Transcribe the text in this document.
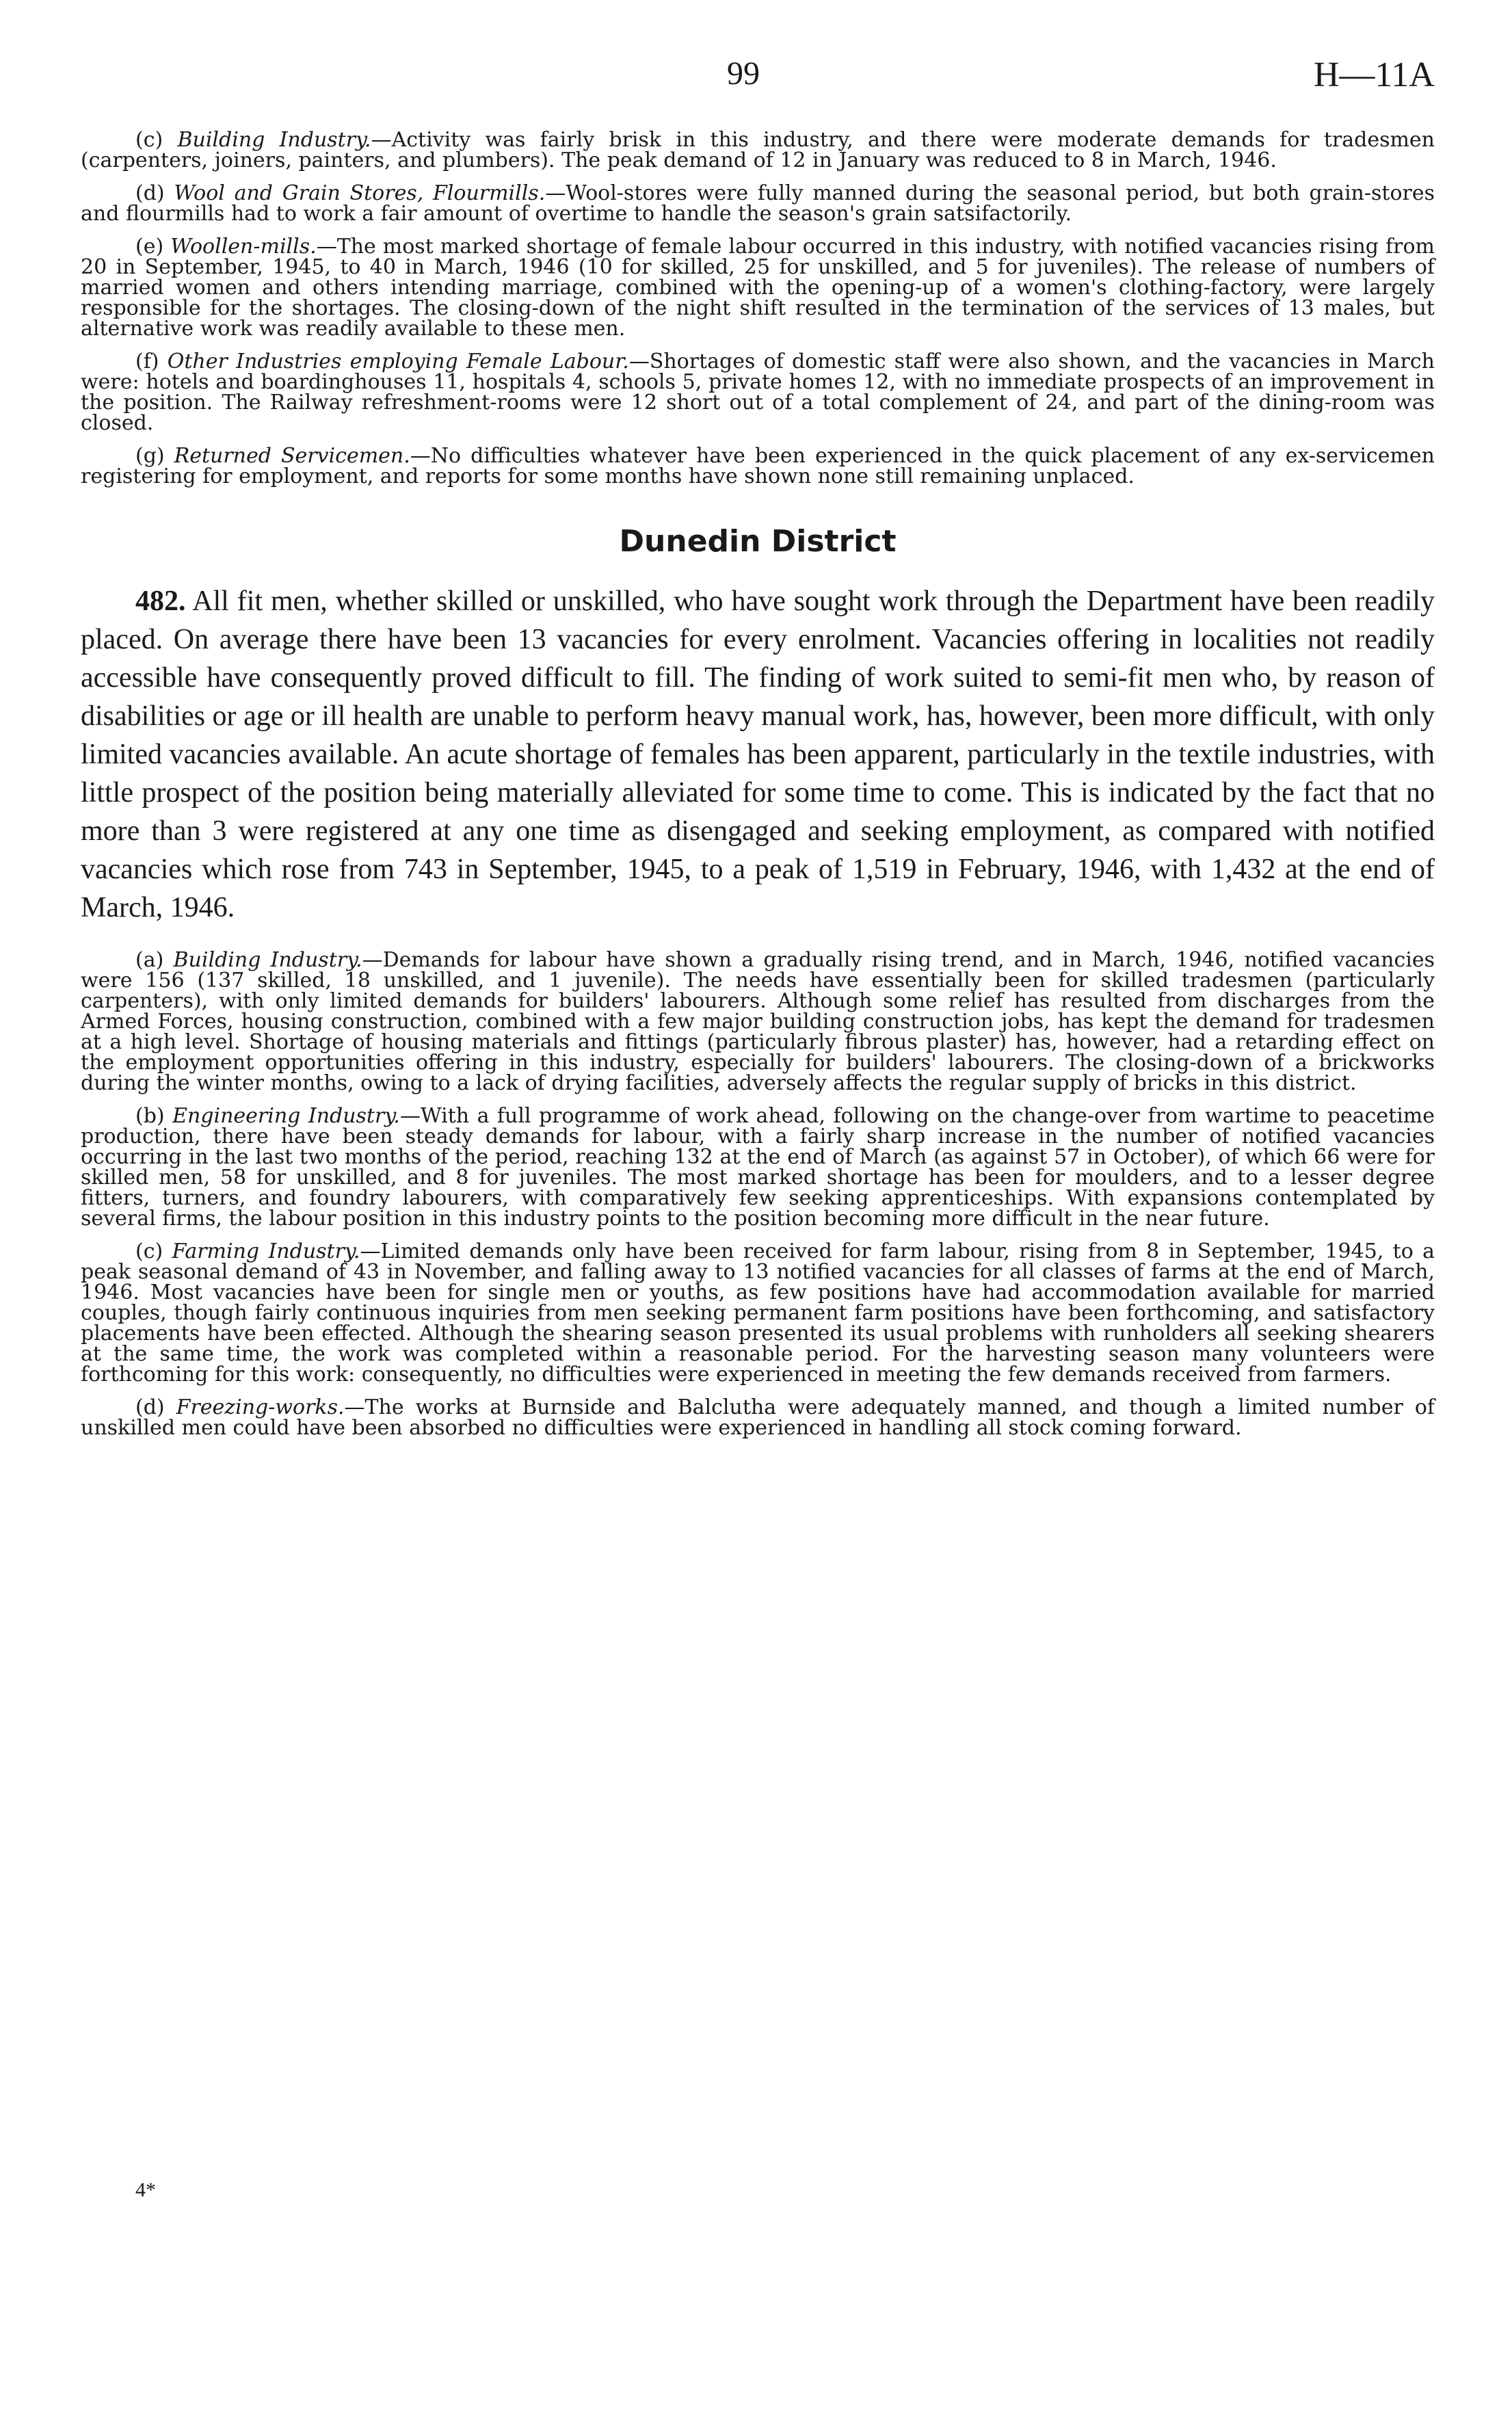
99	H—11A

(c) Building Industry.—Activity was fairly brisk in this industry, and there were moderate demands for tradesmen (carpenters, joiners, painters, and plumbers). The peak demand of 12 in January was reduced to 8 in March, 1946.

(d) Wool and Grain Stores, Flourmills.—Wool-stores were fully manned during the seasonal period, but both grain-stores and flourmills had to work a fair amount of overtime to handle the season's grain satsifactorily.

(e) Woollen-mills.—The most marked shortage of female labour occurred in this industry, with notified vacancies rising from 20 in September, 1945, to 40 in March, 1946 (10 for skilled, 25 for unskilled, and 5 for juveniles). The release of numbers of married women and others intending marriage, combined with the opening-up of a women's clothing-factory, were largely responsible for the shortages. The closing-down of the night shift resulted in the termination of the services of 13 males, but alternative work was readily available to these men.

(f) Other Industries employing Female Labour.—Shortages of domestic staff were also shown, and the vacancies in March were: hotels and boardinghouses 11, hospitals 4, schools 5, private homes 12, with no immediate prospects of an improvement in the position. The Railway refreshment-rooms were 12 short out of a total complement of 24, and part of the dining-room was closed.

(g) Returned Servicemen.—No difficulties whatever have been experienced in the quick placement of any ex-servicemen registering for employment, and reports for some months have shown none still remaining unplaced.

Dunedin District

482. All fit men, whether skilled or unskilled, who have sought work through the Department have been readily placed. On average there have been 13 vacancies for every enrolment. Vacancies offering in localities not readily accessible have consequently proved difficult to fill. The finding of work suited to semi-fit men who, by reason of disabilities or age or ill health are unable to perform heavy manual work, has, however, been more difficult, with only limited vacancies available. An acute shortage of females has been apparent, particularly in the textile industries, with little prospect of the position being materially alleviated for some time to come. This is indicated by the fact that no more than 3 were registered at any one time as disengaged and seeking employment, as compared with notified vacancies which rose from 743 in September, 1945, to a peak of 1,519 in February, 1946, with 1,432 at the end of March, 1946.

(a) Building Industry.—Demands for labour have shown a gradually rising trend, and in March, 1946, notified vacancies were 156 (137 skilled, 18 unskilled, and 1 juvenile). The needs have essentially been for skilled tradesmen (particularly carpenters), with only limited demands for builders' labourers. Although some relief has resulted from discharges from the Armed Forces, housing construction, combined with a few major building construction jobs, has kept the demand for tradesmen at a high level. Shortage of housing materials and fittings (particularly fibrous plaster) has, however, had a retarding effect on the employment opportunities offering in this industry, especially for builders' labourers. The closing-down of a brickworks during the winter months, owing to a lack of drying facilities, adversely affects the regular supply of bricks in this district.

(b) Engineering Industry.—With a full programme of work ahead, following on the change-over from wartime to peacetime production, there have been steady demands for labour, with a fairly sharp increase in the number of notified vacancies occurring in the last two months of the period, reaching 132 at the end of March (as against 57 in October), of which 66 were for skilled men, 58 for unskilled, and 8 for juveniles. The most marked shortage has been for moulders, and to a lesser degree fitters, turners, and foundry labourers, with comparatively few seeking apprenticeships. With expansions contemplated by several firms, the labour position in this industry points to the position becoming more difficult in the near future.

(c) Farming Industry.—Limited demands only have been received for farm labour, rising from 8 in September, 1945, to a peak seasonal demand of 43 in November, and falling away to 13 notified vacancies for all classes of farms at the end of March, 1946. Most vacancies have been for single men or youths, as few positions have had accommodation available for married couples, though fairly continuous inquiries from men seeking permanent farm positions have been forthcoming, and satisfactory placements have been effected. Although the shearing season presented its usual problems with runholders all seeking shearers at the same time, the work was completed within a reasonable period. For the harvesting season many volunteers were forthcoming for this work: consequently, no difficulties were experienced in meeting the few demands received from farmers.

(d) Freezing-works.—The works at Burnside and Balclutha were adequately manned, and though a limited number of unskilled men could have been absorbed no difficulties were experienced in handling all stock coming forward.

4*
